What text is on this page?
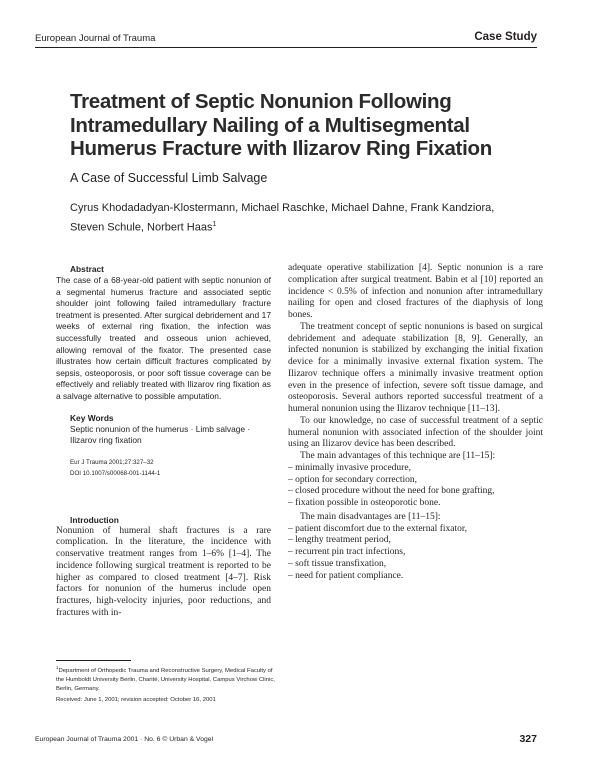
European Journal of Trauma	Case Study
Treatment of Septic Nonunion Following Intramedullary Nailing of a Multisegmental Humerus Fracture with Ilizarov Ring Fixation
A Case of Successful Limb Salvage
Cyrus Khodadadyan-Klostermann, Michael Raschke, Michael Dahne, Frank Kandziora, Steven Schule, Norbert Haas$^1$
Abstract

The case of a 68-year-old patient with septic nonunion of a segmental humerus fracture and associated septic shoulder joint following failed intramedullary fracture treatment is presented. After surgical debridement and 17 weeks of external ring fixation, the infection was successfully treated and osseous union achieved, allowing removal of the fixator. The presented case illustrates how certain difficult fractures complicated by sepsis, osteoporosis, or poor soft tissue coverage can be effectively and reliably treated with Ilizarov ring fixation as a salvage alternative to possible amputation.

Key Words

Septic nonunion of the humerus · Limb salvage · Ilizarov ring fixation

Eur J Trauma 2001;27:327–32
DOI 10.1007/s00068-001-1144-1
Introduction

Nonunion of humeral shaft fractures is a rare complication. In the literature, the incidence with conservative treatment ranges from 1–6% [1–4]. The incidence following surgical treatment is reported to be higher as compared to closed treatment [4–7]. Risk factors for nonunion of the humerus include open fractures, high-velocity injuries, poor reductions, and fractures with in-

adequate operative stabilization [4]. Septic nonunion is a rare complication after surgical treatment. Babin et al [10] reported an incidence < 0.5% of infection and nonunion after intramedullary nailing for open and closed fractures of the diaphysis of long bones.

The treatment concept of septic nonunions is based on surgical debridement and adequate stabilization [8, 9]. Generally, an infected nonunion is stabilized by exchanging the initial fixation device for a minimally invasive external fixation system. The Ilizarov technique offers a minimally invasive treatment option even in the presence of infection, severe soft tissue damage, and osteoporosis. Several authors reported successful treatment of a humeral nonunion using the Ilizarov technique [11–13].

To our knowledge, no case of successful treatment of a septic humeral nonunion with associated infection of the shoulder joint using an Ilizarov device has been described.

The main advantages of this technique are [11–15]:

– minimally invasive procedure,
– option for secondary correction,
– closed procedure without the need for bone grafting,
– fixation possible in osteoporotic bone.

The main disadvantages are [11–15]:

– patient discomfort due to the external fixator,
– lengthy treatment period,
– recurrent pin tract infections,
– soft tissue transfixation,
– need for patient compliance.
$^1$Department of Orthopedic Trauma and Reconstructive Surgery, Medical Faculty of the Humboldt University Berlin, Charité, University Hospital, Campus Virchow Clinic, Berlin, Germany.
Received: June 1, 2001; revision accepted: October 16, 2001
European Journal of Trauma 2001 · No. 6 © Urban & Vogel	327
